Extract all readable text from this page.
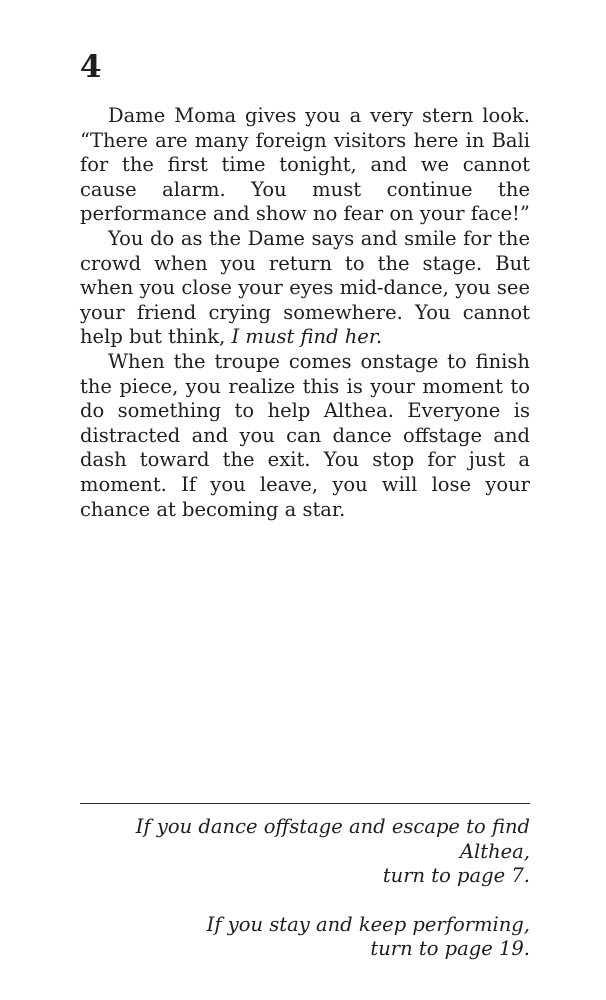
4

Dame Moma gives you a very stern look. “There are many foreign visitors here in Bali for the first time tonight, and we cannot cause alarm. You must continue the performance and show no fear on your face!”

You do as the Dame says and smile for the crowd when you return to the stage. But when you close your eyes mid-dance, you see your friend crying somewhere. You cannot help but think, I must find her.

When the troupe comes onstage to finish the piece, you realize this is your moment to do something to help Althea. Everyone is distracted and you can dance offstage and dash toward the exit. You stop for just a moment. If you leave, you will lose your chance at becoming a star.

If you dance offstage and escape to find Althea,
turn to page 7.

If you stay and keep performing,
turn to page 19.
